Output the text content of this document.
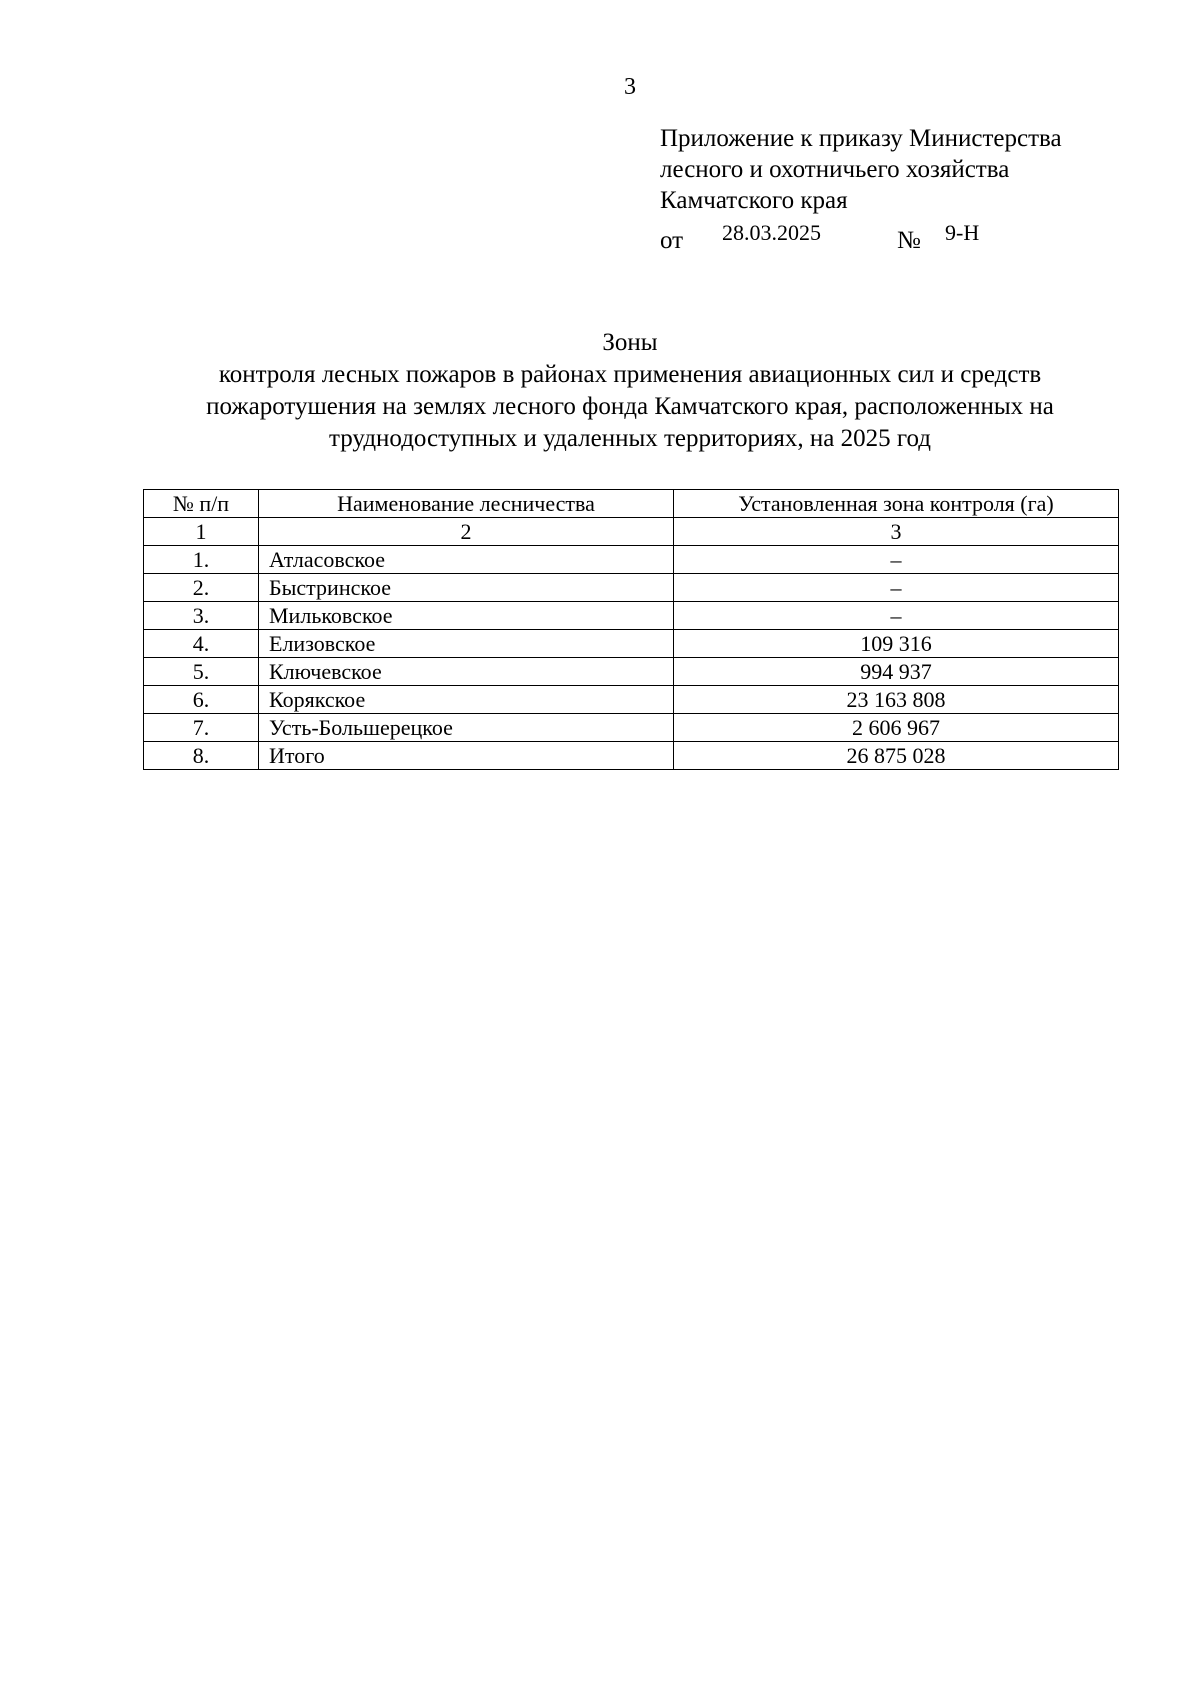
3
Приложение к приказу Министерства
лесного и охотничьего хозяйства
Камчатского края
от 28.03.2025	№ 9-Н
Зоны
контроля лесных пожаров в районах применения авиационных сил и средств
пожаротушения на землях лесного фонда Камчатского края, расположенных на
труднодоступных и удаленных территориях, на 2025 год
№ п/п	Наименование лесничества	Установленная зона контроля (га)
1	2	3
1.	Атласовское	–
2.	Быстринское	–
3.	Мильковское	–
4.	Елизовское	109 316
5.	Ключевское	994 937
6.	Корякское	23 163 808
7.	Усть-Большерецкое	2 606 967
8.	Итого	26 875 028
